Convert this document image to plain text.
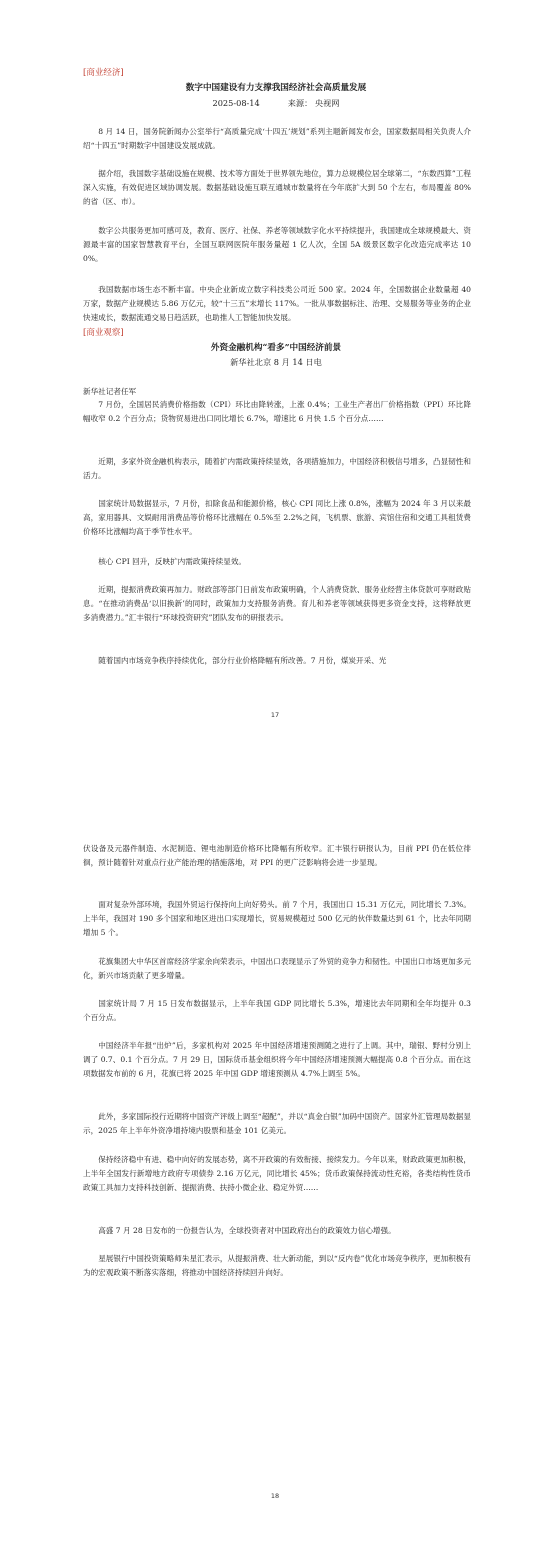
[商业经济]
数字中国建设有力支撑我国经济社会高质量发展
2025-08-14	来源： 央视网

8 月 14 日，国务院新闻办公室举行“高质量完成‘十四五’规划”系列主题新闻发布会，国家数据局相关负责人介绍“十四五”时期数字中国建设发展成就。

据介绍，我国数字基础设施在规模、技术等方面处于世界领先地位，算力总规模位居全球第二，“东数西算”工程深入实施，有效促进区域协调发展。数据基础设施互联互通城市数量将在今年底扩大到 50 个左右，布局覆盖 80%的省（区、市）。

数字公共服务更加可感可及，教育、医疗、社保、养老等领域数字化水平持续提升，我国建成全球规模最大、资源最丰富的国家智慧教育平台，全国互联网医院年服务量超 1 亿人次，全国 5A 级景区数字化改造完成率达 100%。

我国数据市场生态不断丰富。中央企业新成立数字科技类公司近 500 家。2024 年，全国数据企业数量超 40 万家，数据产业规模达 5.86 万亿元，较“十三五”末增长 117%。一批从事数据标注、治理、交易服务等业务的企业快速成长，数据流通交易日趋活跃，也助推人工智能加快发展。

[商业观察]
外资金融机构“看多”中国经济前景
新华社北京 8 月 14 日电

新华社记者任军

7 月份，全国居民消费价格指数（CPI）环比由降转涨，上涨 0.4%；工业生产者出厂价格指数（PPI）环比降幅收窄 0.2 个百分点；货物贸易进出口同比增长 6.7%，增速比 6 月快 1.5 个百分点……

近期，多家外资金融机构表示，随着扩内需政策持续显效，各项措施加力，中国经济积极信号增多，凸显韧性和活力。

国家统计局数据显示，7 月份，扣除食品和能源价格，核心 CPI 同比上涨 0.8%，涨幅为 2024 年 3 月以来最高，家用器具、文娱耐用消费品等价格环比涨幅在 0.5%至 2.2%之间，飞机票、旅游、宾馆住宿和交通工具租赁费价格环比涨幅均高于季节性水平。

核心 CPI 回升，反映扩内需政策持续显效。

近期，提振消费政策再加力。财政部等部门日前发布政策明确，个人消费贷款、服务业经营主体贷款可享财政贴息。“在推动消费品‘以旧换新’的同时，政策加力支持服务消费。育儿和养老等领域获得更多资金支持，这将释放更多消费潜力。”汇丰银行“环球投资研究”团队发布的研报表示。

随着国内市场竞争秩序持续优化，部分行业价格降幅有所改善。7 月份，煤炭开采、光

17

伏设备及元器件制造、水泥制造、锂电池制造价格环比降幅有所收窄。汇丰银行研报认为，目前 PPI 仍在低位徘徊，预计随着针对重点行业产能治理的措施落地，对 PPI 的更广泛影响将会进一步显现。

面对复杂外部环境，我国外贸运行保持向上向好势头。前 7 个月，我国出口 15.31 万亿元，同比增长 7.3%。上半年，我国对 190 多个国家和地区进出口实现增长，贸易规模超过 500 亿元的伙伴数量达到 61 个，比去年同期增加 5 个。

花旗集团大中华区首席经济学家余向荣表示，中国出口表现显示了外贸的竞争力和韧性。中国出口市场更加多元化，新兴市场贡献了更多增量。

国家统计局 7 月 15 日发布数据显示，上半年我国 GDP 同比增长 5.3%，增速比去年同期和全年均提升 0.3 个百分点。

中国经济半年报“出炉”后，多家机构对 2025 年中国经济增速预测随之进行了上调。其中，瑞银、野村分别上调了 0.7、0.1 个百分点。7 月 29 日，国际货币基金组织将今年中国经济增速预测大幅提高 0.8 个百分点。而在这项数据发布前的 6 月，花旗已将 2025 年中国 GDP 增速预测从 4.7%上调至 5%。

此外，多家国际投行近期将中国资产评级上调至“超配”，并以“真金白银”加码中国资产。国家外汇管理局数据显示，2025 年上半年外资净增持境内股票和基金 101 亿美元。

保持经济稳中有进、稳中向好的发展态势，离不开政策的有效衔接、接续发力。今年以来，财政政策更加积极，上半年全国发行新增地方政府专项债券 2.16 万亿元，同比增长 45%；货币政策保持流动性充裕，各类结构性货币政策工具加力支持科技创新、提振消费、扶持小微企业、稳定外贸……

高盛 7 月 28 日发布的一份报告认为，全球投资者对中国政府出台的政策效力信心增强。

星展银行中国投资策略师朱星汇表示，从提振消费、壮大新动能，到以“反内卷”优化市场竞争秩序，更加积极有为的宏观政策不断落实落细，将推动中国经济持续回升向好。

18
